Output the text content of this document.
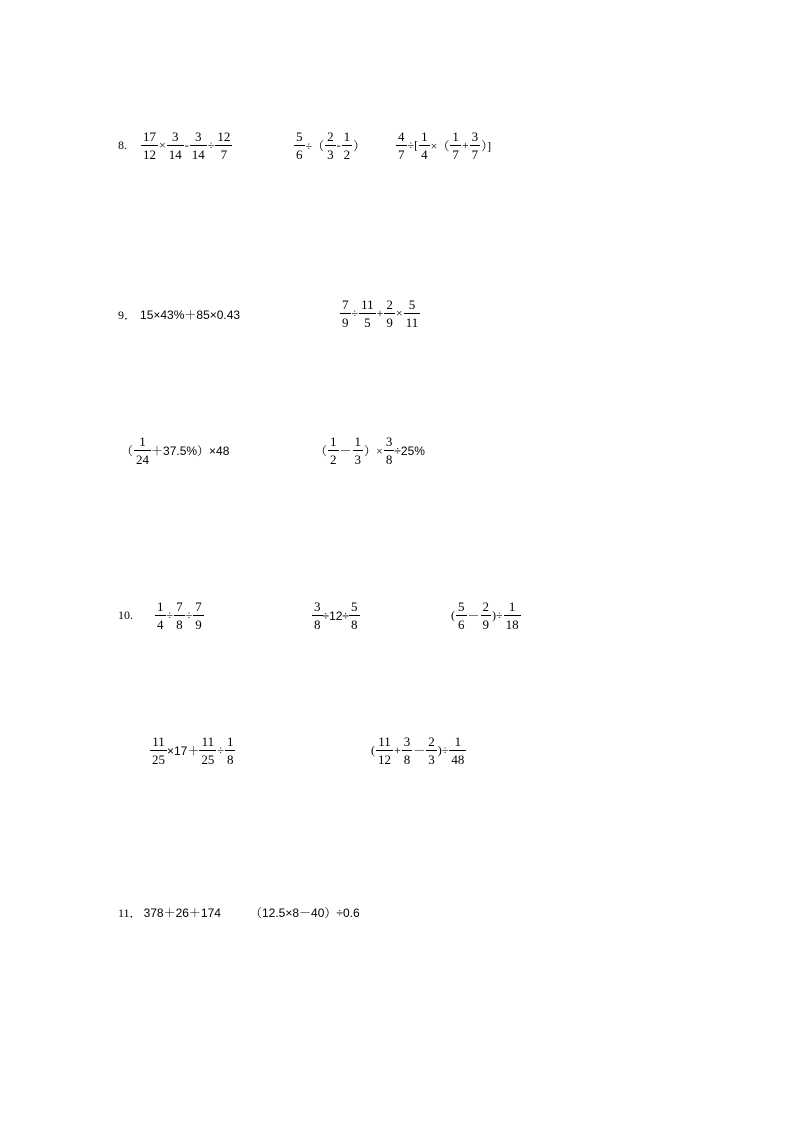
8. $\frac{17}{12} \times \frac{3}{14} - \frac{3}{14} \div \frac{12}{7}$	$\frac{5}{6}$ ÷（ $\frac{2}{3} - \frac{1}{2}$ ） $\frac{4}{7}$ ÷[ $\frac{1}{4}$ ×（ $\frac{1}{7} + \frac{3}{7}$ ）]
9． 15×43%＋85×0.43	$\frac{7}{9} \div \frac{11}{5} + \frac{2}{9} \times \frac{5}{11}$
（ $\frac{1}{24} +37.5\%)\times 48$	（ $\frac{1}{2} - \frac{1}{3}$ ）× $\frac{3}{8} \div 25\%$
10. $\frac{1}{4} \div \frac{7}{8} \div \frac{7}{9}$	$\frac{3}{8} \div 12\div \frac{5}{8}$	( $\frac{5}{6} - \frac{2}{9}$ )÷ $\frac{1}{18}$
$\frac{11}{25} \times 17+ \frac{11}{25} \div \frac{1}{8}$	( $\frac{11}{12} + \frac{3}{8} - \frac{2}{3}$ )÷ $\frac{1}{48}$
11． 378＋26＋174 （12.5×8－40）÷0.6
